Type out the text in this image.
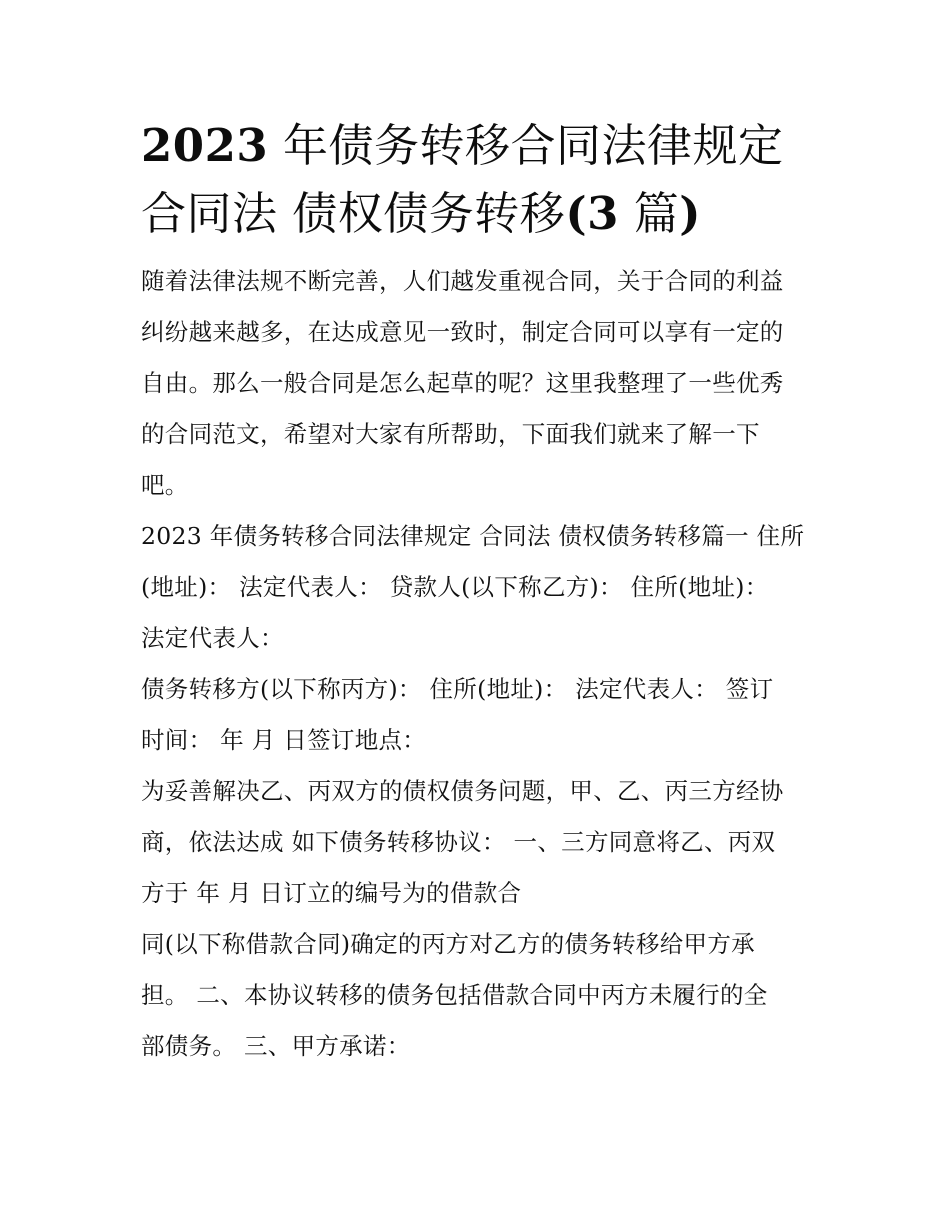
2023 年债务转移合同法律规定
合同法 债权债务转移(3 篇)
随着法律法规不断完善，人们越发重视合同，关于合同的利益
纠纷越来越多，在达成意见一致时，制定合同可以享有一定的
自由。那么一般合同是怎么起草的呢？这里我整理了一些优秀
的合同范文，希望对大家有所帮助，下面我们就来了解一下
吧。
2023 年债务转移合同法律规定 合同法 债权债务转移篇一 住所
(地址)： 法定代表人： 贷款人(以下称乙方)： 住所(地址)：
法定代表人：
债务转移方(以下称丙方)： 住所(地址)： 法定代表人： 签订
时间： 年 月 日签订地点：
为妥善解决乙、丙双方的债权债务问题，甲、乙、丙三方经协
商，依法达成 如下债务转移协议： 一、三方同意将乙、丙双
方于 年 月 日订立的编号为的借款合
同(以下称借款合同)确定的丙方对乙方的债务转移给甲方承
担。 二、本协议转移的债务包括借款合同中丙方未履行的全
部债务。 三、甲方承诺：
